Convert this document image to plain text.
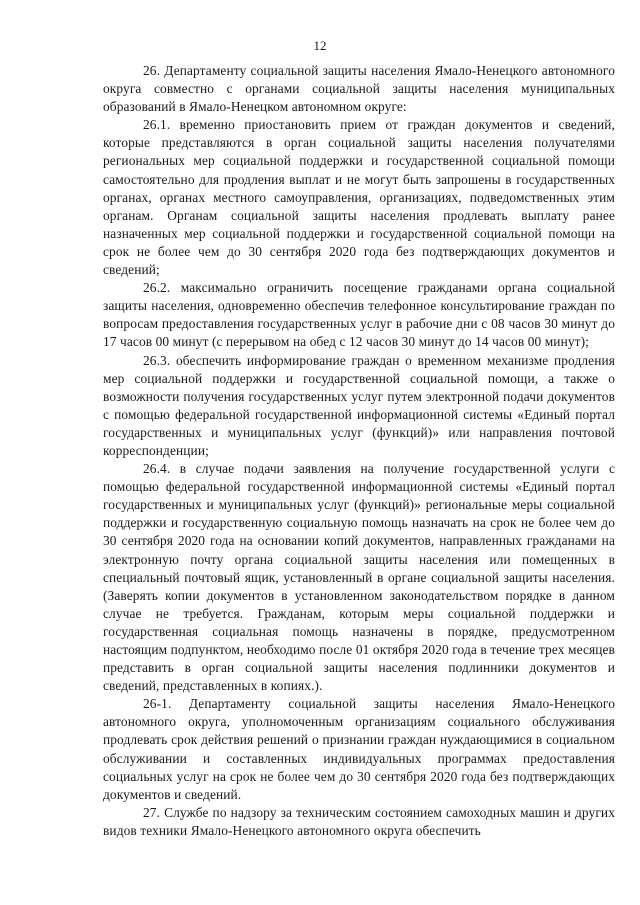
12

26. Департаменту социальной защиты населения Ямало-Ненецкого автономного округа совместно с органами социальной защиты населения муниципальных образований в Ямало-Ненецком автономном округе:

26.1. временно приостановить прием от граждан документов и сведений, которые представляются в орган социальной защиты населения получателями региональных мер социальной поддержки и государственной социальной помощи самостоятельно для продления выплат и не могут быть запрошены в государственных органах, органах местного самоуправления, организациях, подведомственных этим органам. Органам социальной защиты населения продлевать выплату ранее назначенных мер социальной поддержки и государственной социальной помощи на срок не более чем до 30 сентября 2020 года без подтверждающих документов и сведений;

26.2. максимально ограничить посещение гражданами органа социальной защиты населения, одновременно обеспечив телефонное консультирование граждан по вопросам предоставления государственных услуг в рабочие дни с 08 часов 30 минут до 17 часов 00 минут (с перерывом на обед с 12 часов 30 минут до 14 часов 00 минут);

26.3. обеспечить информирование граждан о временном механизме продления мер социальной поддержки и государственной социальной помощи, а также о возможности получения государственных услуг путем электронной подачи документов с помощью федеральной государственной информационной системы «Единый портал государственных и муниципальных услуг (функций)» или направления почтовой корреспонденции;

26.4. в случае подачи заявления на получение государственной услуги с помощью федеральной государственной информационной системы «Единый портал государственных и муниципальных услуг (функций)» региональные меры социальной поддержки и государственную социальную помощь назначать на срок не более чем до 30 сентября 2020 года на основании копий документов, направленных гражданами на электронную почту органа социальной защиты населения или помещенных в специальный почтовый ящик, установленный в органе социальной защиты населения. (Заверять копии документов в установленном законодательством порядке в данном случае не требуется. Гражданам, которым меры социальной поддержки и государственная социальная помощь назначены в порядке, предусмотренном настоящим подпунктом, необходимо после 01 октября 2020 года в течение трех месяцев представить в орган социальной защиты населения подлинники документов и сведений, представленных в копиях.).

26-1. Департаменту социальной защиты населения Ямало-Ненецкого автономного округа, уполномоченным организациям социального обслуживания продлевать срок действия решений о признании граждан нуждающимися в социальном обслуживании и составленных индивидуальных программах предоставления социальных услуг на срок не более чем до 30 сентября 2020 года без подтверждающих документов и сведений.

27. Службе по надзору за техническим состоянием самоходных машин и других видов техники Ямало-Ненецкого автономного округа обеспечить
